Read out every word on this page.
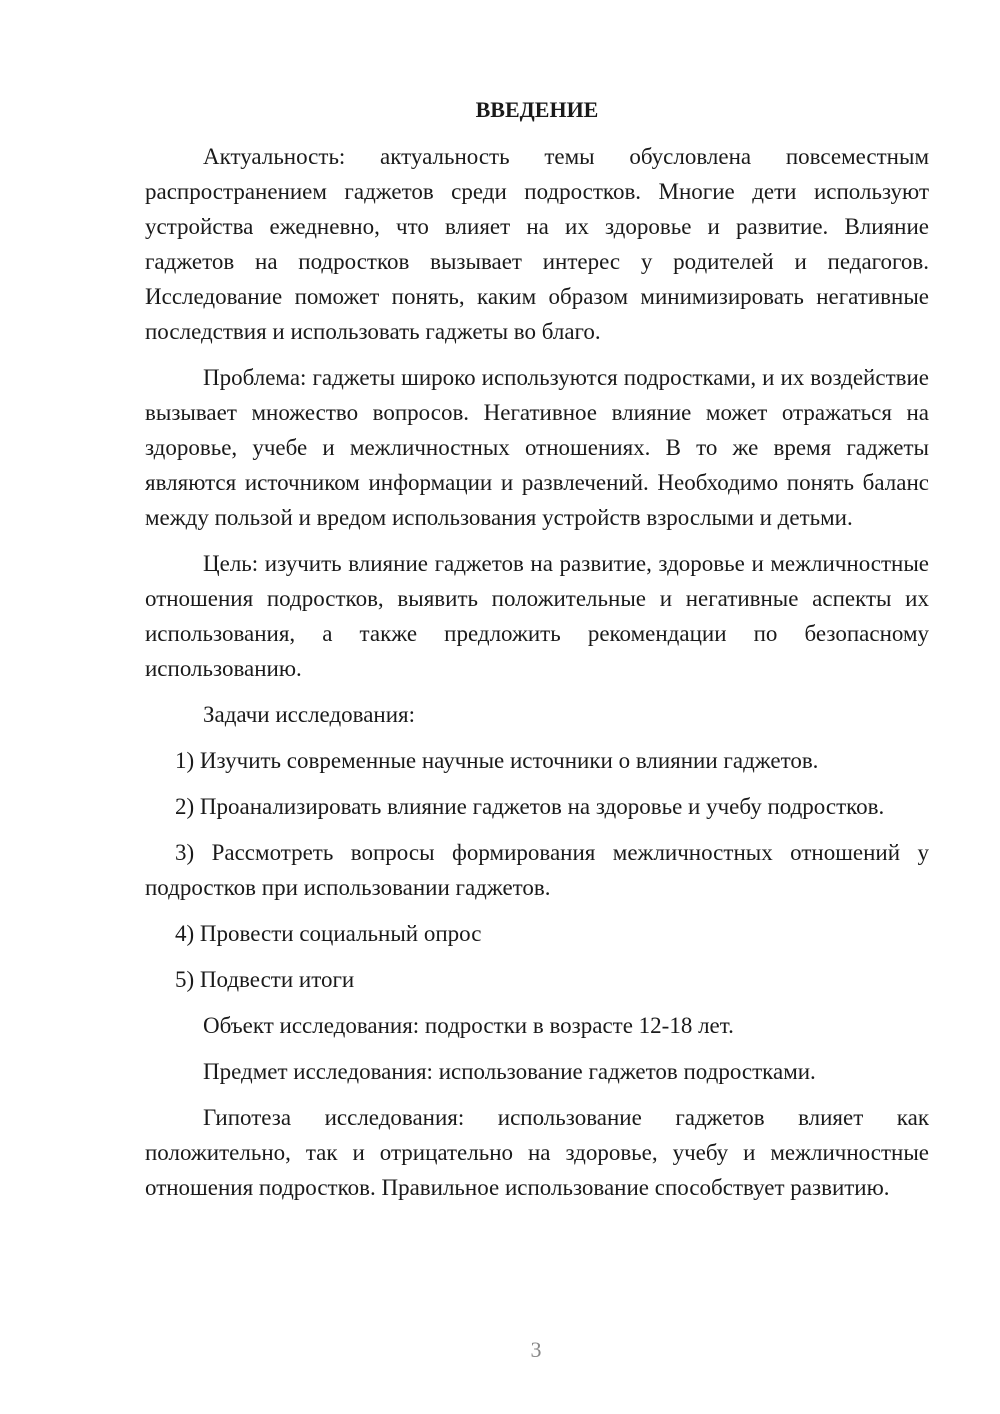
ВВЕДЕНИЕ

Актуальность: актуальность темы обусловлена повсеместным распространением гаджетов среди подростков. Многие дети используют устройства ежедневно, что влияет на их здоровье и развитие. Влияние гаджетов на подростков вызывает интерес у родителей и педагогов. Исследование поможет понять, каким образом минимизировать негативные последствия и использовать гаджеты во благо.

Проблема: гаджеты широко используются подростками, и их воздействие вызывает множество вопросов. Негативное влияние может отражаться на здоровье, учебе и межличностных отношениях. В то же время гаджеты являются источником информации и развлечений. Необходимо понять баланс между пользой и вредом использования устройств взрослыми и детьми.

Цель: изучить влияние гаджетов на развитие, здоровье и межличностные отношения подростков, выявить положительные и негативные аспекты их использования, а также предложить рекомендации по безопасному использованию.

Задачи исследования:

1) Изучить современные научные источники о влиянии гаджетов.

2) Проанализировать влияние гаджетов на здоровье и учебу подростков.

3) Рассмотреть вопросы формирования межличностных отношений у подростков при использовании гаджетов.

4) Провести социальный опрос

5) Подвести итоги

Объект исследования: подростки в возрасте 12-18 лет.

Предмет исследования: использование гаджетов подростками.

Гипотеза исследования: использование гаджетов влияет как положительно, так и отрицательно на здоровье, учебу и межличностные отношения подростков. Правильное использование способствует развитию.

3
